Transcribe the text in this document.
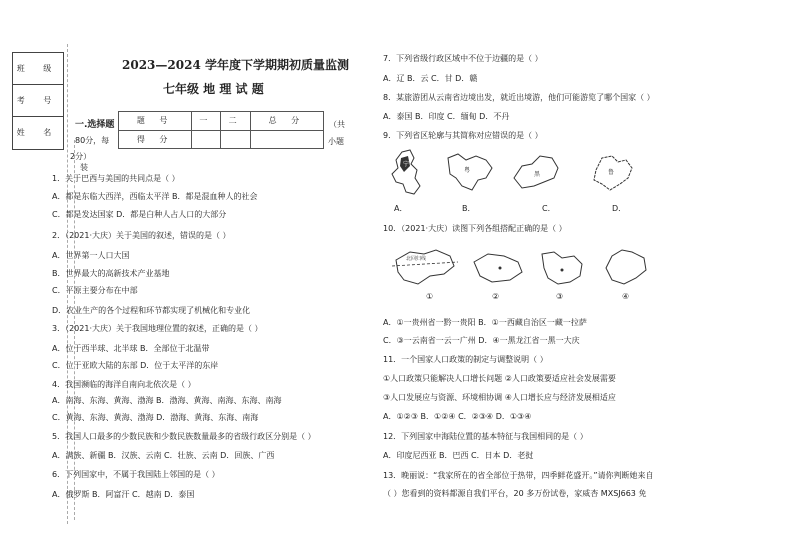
班 级
考 号
姓 名
装
2023—2024 学年度下学期期初质量监测
七年级 地 理 试 题
题 号	一	二	总 分
得 分			
一.选择题	（共
80分，每	小题
2分）
1．关于巴西与美国的共同点是（ ）
A．都是东临大西洋，西临太平洋 B．都是混血种人的社会
C．都是发达国家 D．都是白种人占人口的大部分
2．（2021·大庆）关于美国的叙述，错误的是（ ）
A．世界第一人口大国
B．世界最大的高新技术产业基地
C．平原主要分布在中部
D．农业生产的各个过程和环节都实现了机械化和专业化
3．（2021·大庆）关于我国地理位置的叙述，正确的是（ ）
A．位于西半球、北半球 B．全部位于北温带
C．位于亚欧大陆的东部 D．位于太平洋的东岸
4．我国濒临的海洋自南向北依次是（ ）
A．南海、东海、黄海、渤海 B．渤海、黄海、南海、东海、南海
C．黄海、东海、黄海、渤海 D．渤海、黄海、东海、南海
5．我国人口最多的少数民族和少数民族数量最多的省级行政区分别是（ ）
A．满族、新疆 B．汉族、云南 C．壮族、云南 D．回族、广西
6．下列国家中，不属于我国陆上邻国的是（ ）
A．俄罗斯 B．阿富汗 C．越南 D．泰国
7．下列省级行政区域中不位于边疆的是（ ）
A．辽 B．云 C．甘 D．赣
8．某旅游团从云南省边境出发，就近出境游，他们可能游览了哪个国家（ ）
A．泰国 B．印度 C．缅甸 D．不丹
9．下列省区轮廓与其简称对应错误的是（ ）
宁
粤
黑	鲁
A．	B．	C．	D．
10．（2021·大庆）读图下列各组搭配正确的是（ ）
北回归线
①	②	③	④
A．①一贵州省一黔一贵阳 B．①一西藏自治区一藏一拉萨
C．③一云南省一云一广州 D．④一黑龙江省一黑一大庆
11．一个国家人口政策的制定与调整说明（ ）
①人口政策只能解决人口增长问题 ②人口政策要适应社会发展需要
③人口发展应与资源、环境相协调 ④人口增长应与经济发展相适应
A．①②③ B．①②④ C．②③④ D．①③④
12．下列国家中海陆位置的基本特征与我国相同的是（ ）
A．印度尼西亚 B．巴西 C．日本 D．老挝
13．晚丽说：“我家所在的省全部位于热带，四季鲜花盛开。”请你判断她来自
（ ）您看到的资料都源自我们平台，20 多万份试卷，家威杏 MXSJ663 免
